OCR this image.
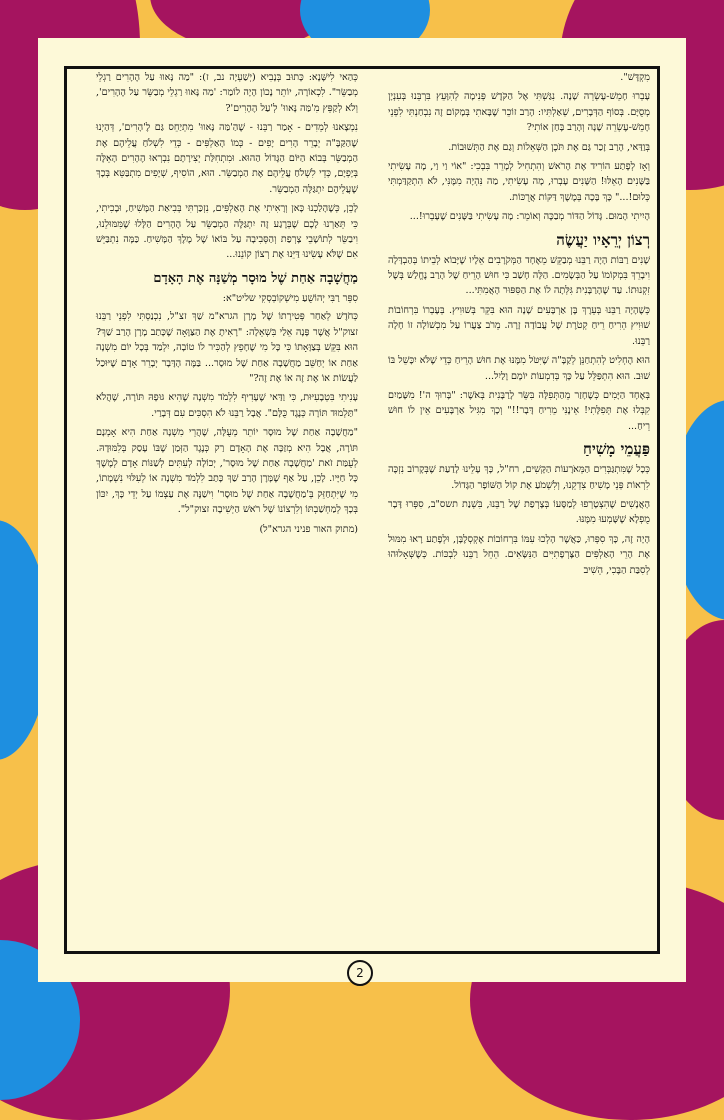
מִקְדָּשׁ".

עָבְרוּ חָמֵשׁ-עֶשְׂרֵה שָׁנָה. נִגַּשְׁתִּי אֶל הַקֹּדֶשׁ פְּנִימָה לְהִוָּעֵץ בִּרְבֵּנוּ בְּעִנְיָן מְסֻיָּם. בְּסוֹף הַדְּבָרִים, שְׁאַלְתִּיו: הָרַב זוֹכֵר שֶׁבָּאתִי בְּמָקוֹם זֶה נִבְחַנְתִּי לִפְנֵי חָמֵשׁ-עֶשְׂרֵה שָׁנָה וְהָרַב בָּחַן אוֹתִי?

בְּוַדַּאי, הָרַב זָכַר גַּם אֶת תֹּכֶן הַשְּׁאֵלוֹת וְגַם אֶת הַתְּשׁוּבוֹת.

וְאָז לְפֶתַע הוֹרִיד אֶת הָרֹאשׁ וְהִתְחִיל לְמָרֵר בִּבְכִי: "אוֹי וַי וַי, מָה עָשִׂיתִי בַּשָּׁנִים הָאֵלּוּ! הַשָּׁנִים עָבְרוּ, מָה עָשִׂיתִי, מַה נִּהְיָה מִמֶּנִּי, לֹא הִתְקַדַּמְתִּי כְּלוּם!..." כָּךְ בָּכָה בְּמֶשֶׁךְ דַּקּוֹת אֲרֻכּוֹת.

הָיִיתִי הָמוּם. גָּדוֹל הַדּוֹר מְבַכֶּה וְאוֹמֵר: מָה עָשִׂיתִי בַּשָּׁנִים שֶׁעָבְרוּ!...

רְצוֹן יְרֵאָיו יַעֲשֶׂה

שָׁנִים רַבּוֹת הָיָה רַבֵּנוּ מְבַקֵּשׁ מֵאֶחָד הַמְּקֹרָבִים אֵלָיו שֶׁיָּבוֹא לְבֵיתוֹ בְּהַבְדָּלָה וִיבָרֵךְ בִּמְקוֹמוֹ עַל הַבְּשָׂמִים. הַלָּה חָשַׁב כִּי חוּשׁ הָרֵיחַ שֶׁל הָרַב נֶחֱלַשׁ בְּשֶׁל זִקְנוּתוֹ. עַד שֶׁהָרַבָּנִית גִּלְּתָה לוֹ אֶת הַסִּפּוּר הָאֲמִתִּי...

כְּשֶׁהָיָה רַבֵּנוּ בְּעֵרֶךְ בֶּן אַרְבָּעִים שָׁנָה הוּא בִּקֵּר בְּשׁוּוִיץ. בְּעָבְרוֹ בִּרְחוֹבוֹת שׁוּוִיץ הֵרִיחַ רֵיחַ קְטֹרֶת שֶׁל עֲבוֹדָה זָרָה. מֵרֹב צַעֲרוֹ עַל מִכְשׁוֹלָה זוֹ חָלָה רַבֵּנוּ.

הוּא הֶחְלִיט לְהִתְחַנֵּן לְקַבָּ"ה שֶׁיִּטֹּל מִמֶּנּוּ אֶת חוּשׁ הָרֵיחַ כְּדֵי שֶׁלֹּא יִכָּשֵׁל בּוֹ שׁוּב. הוּא הִתְפַּלֵּל עַל כָּךְ בְּדִמְעוֹת יוֹמָם וָלַיִל...

בְּאֶחָד הַיָּמִים כְּשֶׁחָזַר מֵהַתְּפִלָּה בִּשֵּׂר לָרַבָּנִית בְּאֹשֶׁר: "בָּרוּךְ ה'! מִשָּׁמַיִם קִבְּלוּ אֶת תְּפִלָּתִי! אֵינֶנִּי מֵרִיחַ דָּבָר!!" וְכָךְ מִגִּיל אַרְבָּעִים אֵין לוֹ חוּשׁ רֵיחַ...

פַּעֲמֵי מָשִׁיחַ

כְּכָל שֶׁמִּתְגַּבְּרִים הַמְּאֹרָעוֹת הַקָּשִׁים, רח"ל, כָּךְ עָלֵינוּ לָדַעַת שֶׁבְּקָרוֹב נִזְכֶּה לִרְאוֹת פְּנֵי מָשִׁיחַ צִדְקֵנוּ, וְלִשְׁמֹעַ אֶת קוֹל הַשּׁוֹפָר הַגָּדוֹל.

הָאֲנָשִׁים שֶׁהִצְטָרְפוּ לְמַסָּעוֹ בְּצָרְפַת שֶׁל רַבֵּנוּ, בִּשְׁנַת תשס"ב, סִפְּרוּ דָּבָר מֻפְלָא שֶׁשָּׁמְעוּ מִמֶּנּוּ.

הָיָה זֶה, כָּךְ סִפְּרוּ, כַּאֲשֶׁר הָלְכוּ עִמּוֹ בִּרְחוֹבוֹת אֶקְסְלֶבָּן, וּלְפֶתַע רָאוּ מִמּוּל אֶת הָרֵי הָאַלְפִּים הַצָּרְפָתִיִּים הַנִּשָּׂאִים. הֵחֵל רַבֵּנוּ לִבְכּוֹת. כְּשֶׁשְּׁאָלוּהוּ לְסִבַּת הַבֶּכִי, הֵשִׁיב

כְּהַאי לִישָּׁנָא: כָּתוּב בְּנָבִיא (יְשַׁעְיָה נב, ז): "מַה נָּאווּ עַל הֶהָרִים רַגְלֵי מְבַשֵּׂר". לִכְאוֹרָה, יוֹתֵר נָכוֹן הָיָה לוֹמַר: 'מַה נָּאווּ רַגְלֵי מְבַשֵּׂר עַל הֶהָרִים', וְלֹא לְקַפֵּץ מִ'מַּה נָּאווּ' לְ'עַל הֶהָרִים'?

נִמְצָאנוּ לְמֵדִים - אָמַר רַבֵּנוּ - שֶׁהַ'מַּה נָּאווּ' מִתְיַחֵס גַּם לֶ'הָרִים', דְּהַיְנוּ שֶׁהַקַּבָּ"ה יְבָרֵר הָרִים יָפִים - כְּמוֹ הָאַלְפִּים - כְּדֵי לִשְׁלֹחַ עֲלֵיהֶם אֶת הַמְבַשֵּׂר בְּבוֹא הַיּוֹם הַגָּדוֹל הַהוּא. וּמִתְחִלַּת יְצִירָתָם נִבְרְאוּ הֶהָרִים הָאֵלֶּה בְּיָפְיָם, כְּדֵי לִשְׁלֹחַ עֲלֵיהֶם אֶת הַמְבַשֵּׂר. הוּא, הוֹסִיף, שְׁיָפִים מִתְבַּטֵּא בְּכָךְ שֶׁעֲלֵיהֶם יִתְגַּלֶּה הַמְבַשֵּׂר.

לָכֵן, כְּשֶׁהָלַכְנוּ כָּאן וְרָאִיתִי אֶת הָאַלְפִּים, נִזְכַּרְתִּי בְּבִיאַת הַמָּשִׁיחַ, וּבָכִיתִי, כִּי תֵּאַרְנוּ לָכֶם שֶׁבְּרֶגַע זֶה יִתְגַּלֶּה הַמְבַשֵּׂר עַל הֶהָרִים הַלָּלוּ שֶׁמִּמּוּלֵנוּ, וִיבַשֵּׂר לְתוֹשָׁבֵי צָרְפַת וְהַסְּבִיבָה עַל בּוֹאוֹ שֶׁל מֶלֶךְ הַמָּשִׁיחַ. כַּמָּה נִתְבַּיֵּשׁ אִם שֶׁלֹּא עָשִׂינוּ דַּיֵּנוּ אֶת רְצוֹן קוֹנֵנוּ...

מַחֲשָׁבָה אַחַת שֶׁל מוּסָר מְשַׁנָּה אֶת הָאָדָם

סִפֵּר רַבִּי יְהוֹשֻׁעַ מִישְׁקוֹבְסְקִי שליט"א:

כְּחֹדֶשׁ לְאַחַר פְּטִירָתוֹ שֶׁל מָרָן הגרא"מ שַׁךְ זצ"ל, נִכְנַסְתִּי לִפְנֵי רַבֵּנוּ זצוק"ל אֲשֶׁר פָּנָה אֵלַי בִּשְׁאֵלָה: "רָאִיתָ אֶת הַצַּוָּאָה שֶׁכָּתַב מָרָן הָרַב שַׁךְ? הוּא בִּקֵּשׁ בְּצַוָּאָתוֹ כִּי כָּל מִי שֶׁחָפֵץ לְהַכִּיר לוֹ טוֹבָה, יִלְמַד בְּכָל יוֹם מִשְׁנָה אַחַת אוֹ יְחַשֵּׁב מַחֲשָׁבָה אַחַת שֶׁל מוּסָר... בַּמֶּה הָדָּבָר יְבָרֵר אָדָם שֶׁיּוּכַל לַעֲשׂוֹת אוֹ אֶת זֶה אוֹ אֶת זֶה?"

עָנִיתִי בִּטְבָעִיּוּת, כִּי וַדַּאי שֶׁעָדִיף לִלְמֹד מִשְׁנָה שֶׁהִיא גּוּפָהּ תּוֹרָה, שֶׁהֲלֹא "תַּלְמוּד תּוֹרָה כְּנֶגֶד כֻּלָּם". אֲבָל רַבֵּנוּ לֹא הִסְכִּים עִם דְּבָרַי.

"מַחֲשָׁבָה אַחַת שֶׁל מוּסָר יוֹתֵר מְעֻלָּה, שֶׁהֲרֵי מִשְׁנָה אַחַת הִיא אָמְנָם תּוֹרָה, אֲבָל הִיא מְזַכָּה אֶת הָאָדָם רַק כְּנֶגֶד הַזְּמַן שֶׁבּוֹ עָסַק בְּלִמּוּדָהּ. לְעֻמַּת זֹאת 'מַחֲשָׁבָה אַחַת שֶׁל מוּסָר', יְכוֹלָה לְעִתִּים לְשַׁנּוֹת אָדָם לְמֶשֶׁךְ כָּל חַיָּיו. לָכֵן, עַל אַף שֶׁמָּרָן הָרַב שַׁךְ כָּתַב לִלְמֹד מִשְׁנָה אוֹ לְעִלּוּי נִשְׁמָתוֹ, מִי שֶׁיִּתְחַזֵּק בְּ'מַחֲשָׁבָה אַחַת שֶׁל מוּסָר' וִישַׁנֶּה אֶת עַצְמוֹ עַל יְדֵי כָּךְ, יִכּוֹן בְּכָךְ לְמַחְשַׁבְתּוֹ וְלִרְצוֹנוֹ שֶׁל רֹאשׁ הַיְשִׁיבָה זצוק"ל".

(מתוק האור פניני הגרא"ל)

2
